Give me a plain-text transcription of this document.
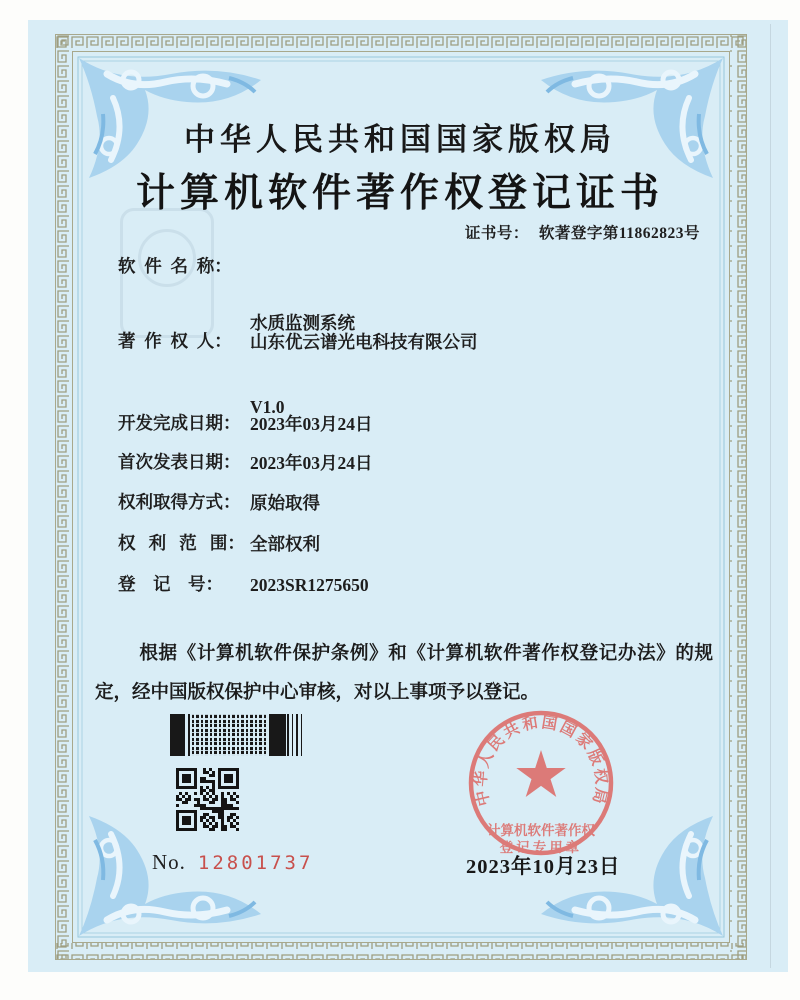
中华人民共和国国家版权局
计算机软件著作权登记证书
证书号： 软著登字第11862823号
软  件  名  称：

水质监测系统

V1.0

著  作  权  人： 山东优云谱光电科技有限公司
开发完成日期： 2023年03月24日
首次发表日期： 2023年03月24日
权利取得方式： 原始取得
权   利   范   围： 全部权利
登    记    号： 2023SR1275650

根据《计算机软件保护条例》和《计算机软件著作权登记办法》的规定，经中国版权保护中心审核，对以上事项予以登记。

中华人民共和国国家版权局
计算机软件著作权
登记专用章
No. 12801737	2023年10月23日
